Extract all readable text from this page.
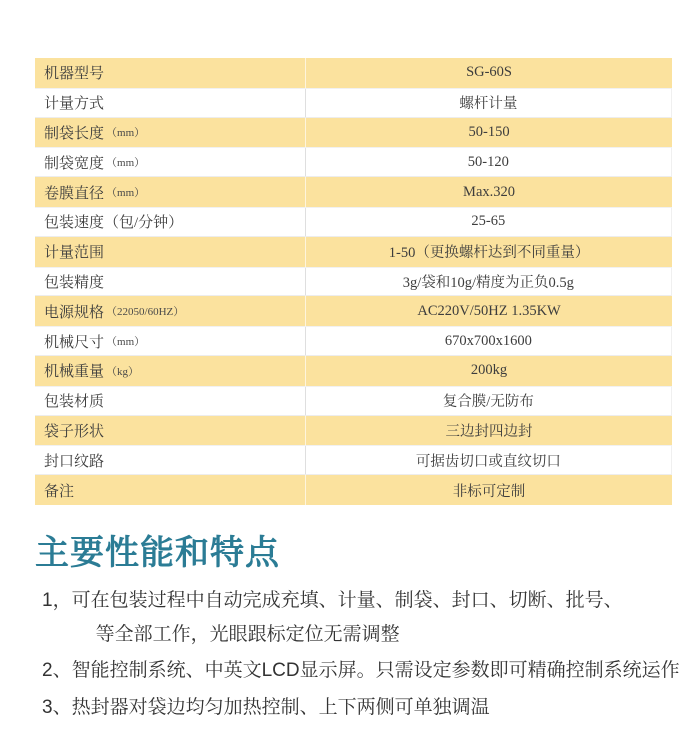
机器型号	SG-60S
计量方式	螺杆计量
制袋长度 （mm）	50-150
制袋宽度 （mm）	50-120
卷膜直径 （mm）	Max.320
包装速度（包/分钟）	25-65
计量范围	1-50（更换螺杆达到不同重量）
包装精度	3g/袋和10g/精度为正负0.5g
电源规格 （22050/60HZ）	AC220V/50HZ 1.35KW
机械尺寸 （mm）	670x700x1600
机械重量 （kg）	200kg
包装材质	复合膜/无防布
袋子形状	三边封四边封
封口纹路	可据齿切口或直纹切口
备注	非标可定制
主要性能和特点
1， 可在包装过程中自动完成充填、计量、制袋、封口、切断、批号、
等全部工作，光眼跟标定位无需调整
2、 智能控制系统、中英文LCD显示屏。只需设定参数即可精确控制系统运作
3、 热封器对袋边均匀加热控制、上下两侧可单独调温
